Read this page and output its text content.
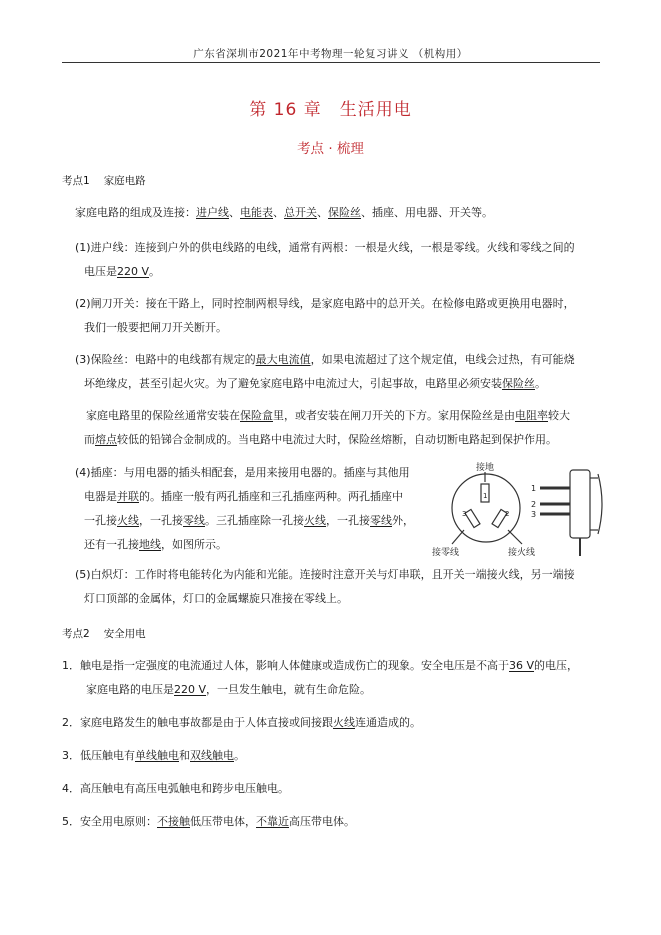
广东省深圳市2021年中考物理一轮复习讲义 （机构用）
第 16 章　生活用电
考点 · 梳理
考点1 家庭电路
家庭电路的组成及连接：进户线、电能表、总开关、保险丝、插座、用电器、开关等。
(1)进户线：连接到户外的供电线路的电线，通常有两根：一根是火线，一根是零线。火线和零线之间的
电压是220 V。
(2)闸刀开关：接在干路上，同时控制两根导线，是家庭电路中的总开关。在检修电路或更换用电器时，
我们一般要把闸刀开关断开。
(3)保险丝：电路中的电线都有规定的最大电流值，如果电流超过了这个规定值，电线会过热，有可能烧
坏绝缘皮，甚至引起火灾。为了避免家庭电路中电流过大，引起事故，电路里必须安装保险丝。
家庭电路里的保险丝通常安装在保险盒里，或者安装在闸刀开关的下方。家用保险丝是由电阻率较大
而熔点较低的铅锑合金制成的。当电路中电流过大时，保险丝熔断，自动切断电路起到保护作用。
(4)插座：与用电器的插头相配套，是用来接用电器的。插座与其他用
电器是并联的。插座一般有两孔插座和三孔插座两种。两孔插座中
一孔接火线，一孔接零线。三孔插座除一孔接火线，一孔接零线外，
还有一孔接地线，如图所示。
接地
1
3	2
接零线	接火线
1
2
3
(5)白炽灯：工作时将电能转化为内能和光能。连接时注意开关与灯串联，且开关一端接火线，另一端接
灯口顶部的金属体，灯口的金属螺旋只准接在零线上。
考点2 安全用电
1．触电是指一定强度的电流通过人体，影响人体健康或造成伤亡的现象。安全电压是不高于36 V的电压，
家庭电路的电压是220 V，一旦发生触电，就有生命危险。
2．家庭电路发生的触电事故都是由于人体直接或间接跟火线连通造成的。
3．低压触电有单线触电和双线触电。
4．高压触电有高压电弧触电和跨步电压触电。
5．安全用电原则：不接触低压带电体，不靠近高压带电体。
